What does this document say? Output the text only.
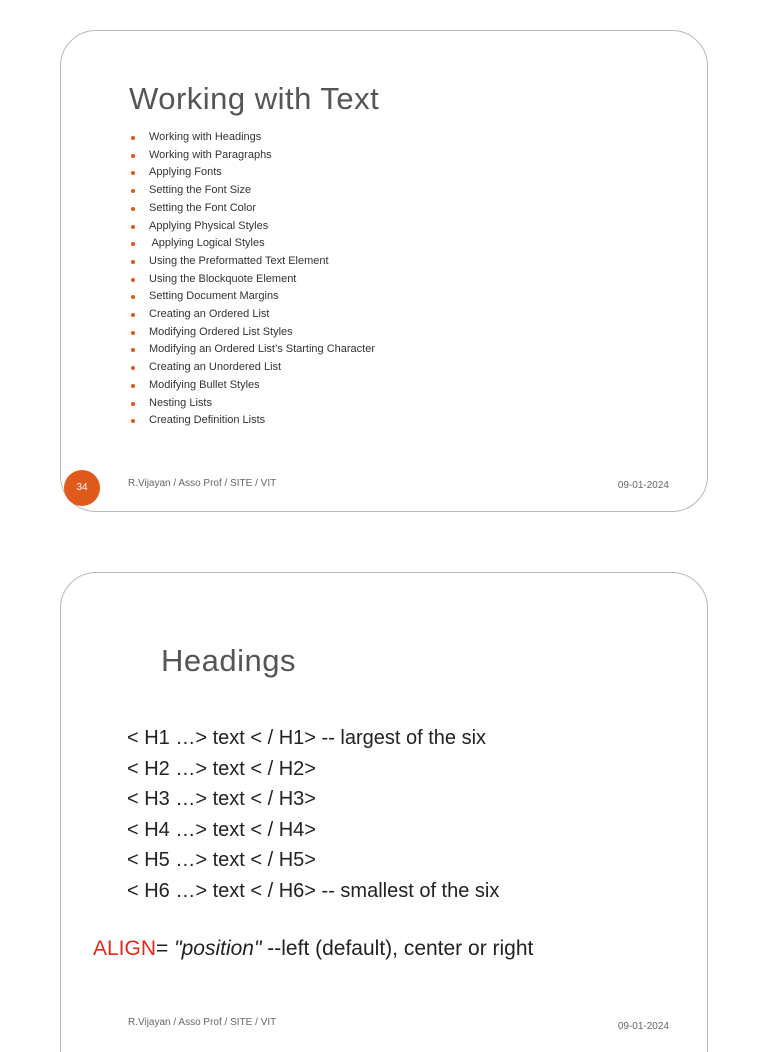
Working with Text
Working with Headings
Working with Paragraphs
Applying Fonts
Setting the Font Size
Setting the Font Color
Applying Physical Styles
Applying Logical Styles
Using the Preformatted Text Element
Using the Blockquote Element
Setting Document Margins
Creating an Ordered List
Modifying Ordered List Styles
Modifying an Ordered List’s Starting Character
Creating an Unordered List
Modifying Bullet Styles
Nesting Lists
Creating Definition Lists
R.Vijayan / Asso Prof / SITE / VIT	09-01-2024
34
Headings
< H1 …> text < / H1> -- largest of the six
< H2 …> text < / H2>
< H3 …> text < / H3>
< H4 …> text < / H4>
< H5 …> text < / H5>
< H6 …> text < / H6> -- smallest of the six
ALIGN= "position" --left (default), center or right
R.Vijayan / Asso Prof / SITE / VIT	09-01-2024
